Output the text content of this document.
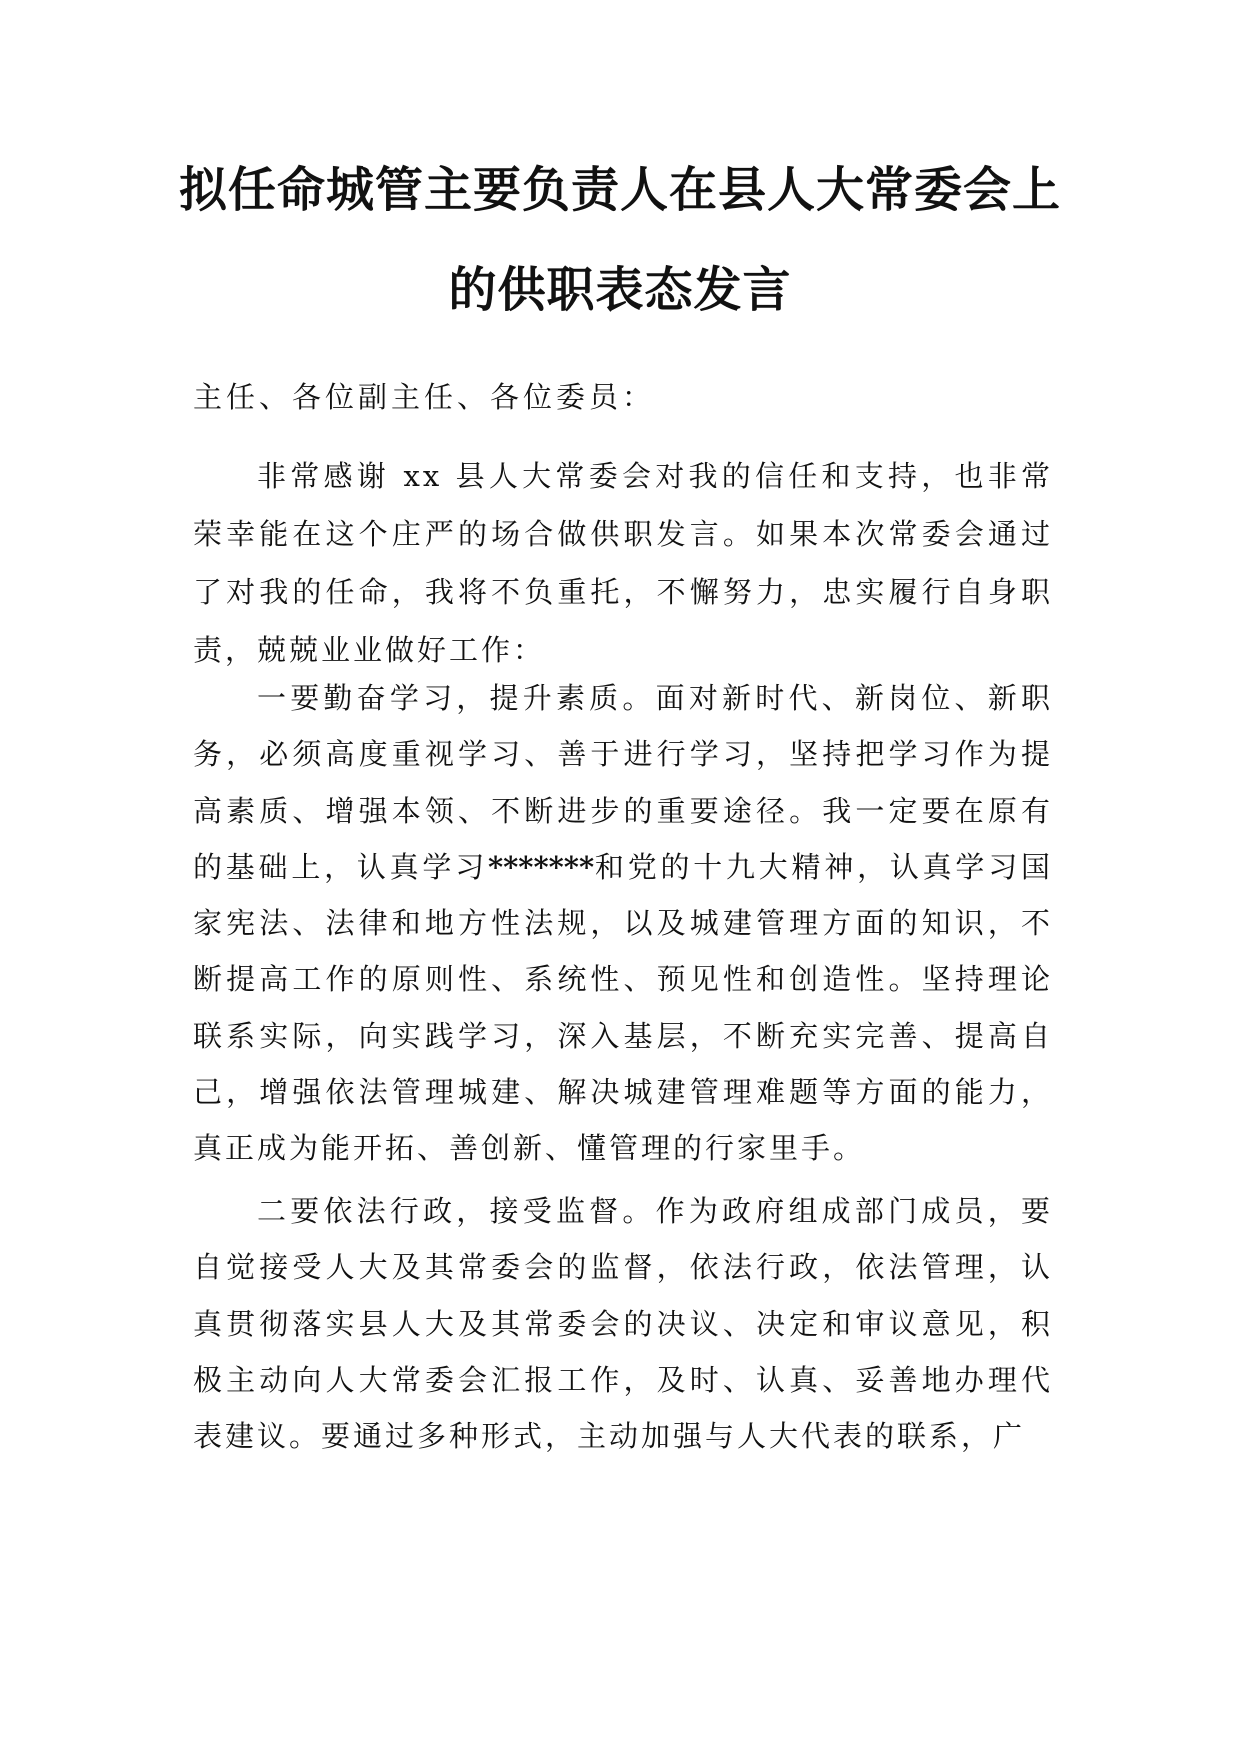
拟任命城管主要负责人在县人大常委会上
的供职表态发言

主任、各位副主任、各位委员：

非常感谢 xx 县人大常委会对我的信任和支持，也非常荣幸能在这个庄严的场合做供职发言。如果本次常委会通过了对我的任命，我将不负重托，不懈努力，忠实履行自身职责，兢兢业业做好工作：

一要勤奋学习，提升素质。面对新时代、新岗位、新职务，必须高度重视学习、善于进行学习，坚持把学习作为提高素质、增强本领、不断进步的重要途径。我一定要在原有的基础上，认真学习*******和党的十九大精神，认真学习国家宪法、法律和地方性法规，以及城建管理方面的知识，不断提高工作的原则性、系统性、预见性和创造性。坚持理论联系实际，向实践学习，深入基层，不断充实完善、提高自己，增强依法管理城建、解决城建管理难题等方面的能力，真正成为能开拓、善创新、懂管理的行家里手。

二要依法行政，接受监督。作为政府组成部门成员，要自觉接受人大及其常委会的监督，依法行政，依法管理，认真贯彻落实县人大及其常委会的决议、决定和审议意见，积极主动向人大常委会汇报工作，及时、认真、妥善地办理代表建议。要通过多种形式，主动加强与人大代表的联系，广
